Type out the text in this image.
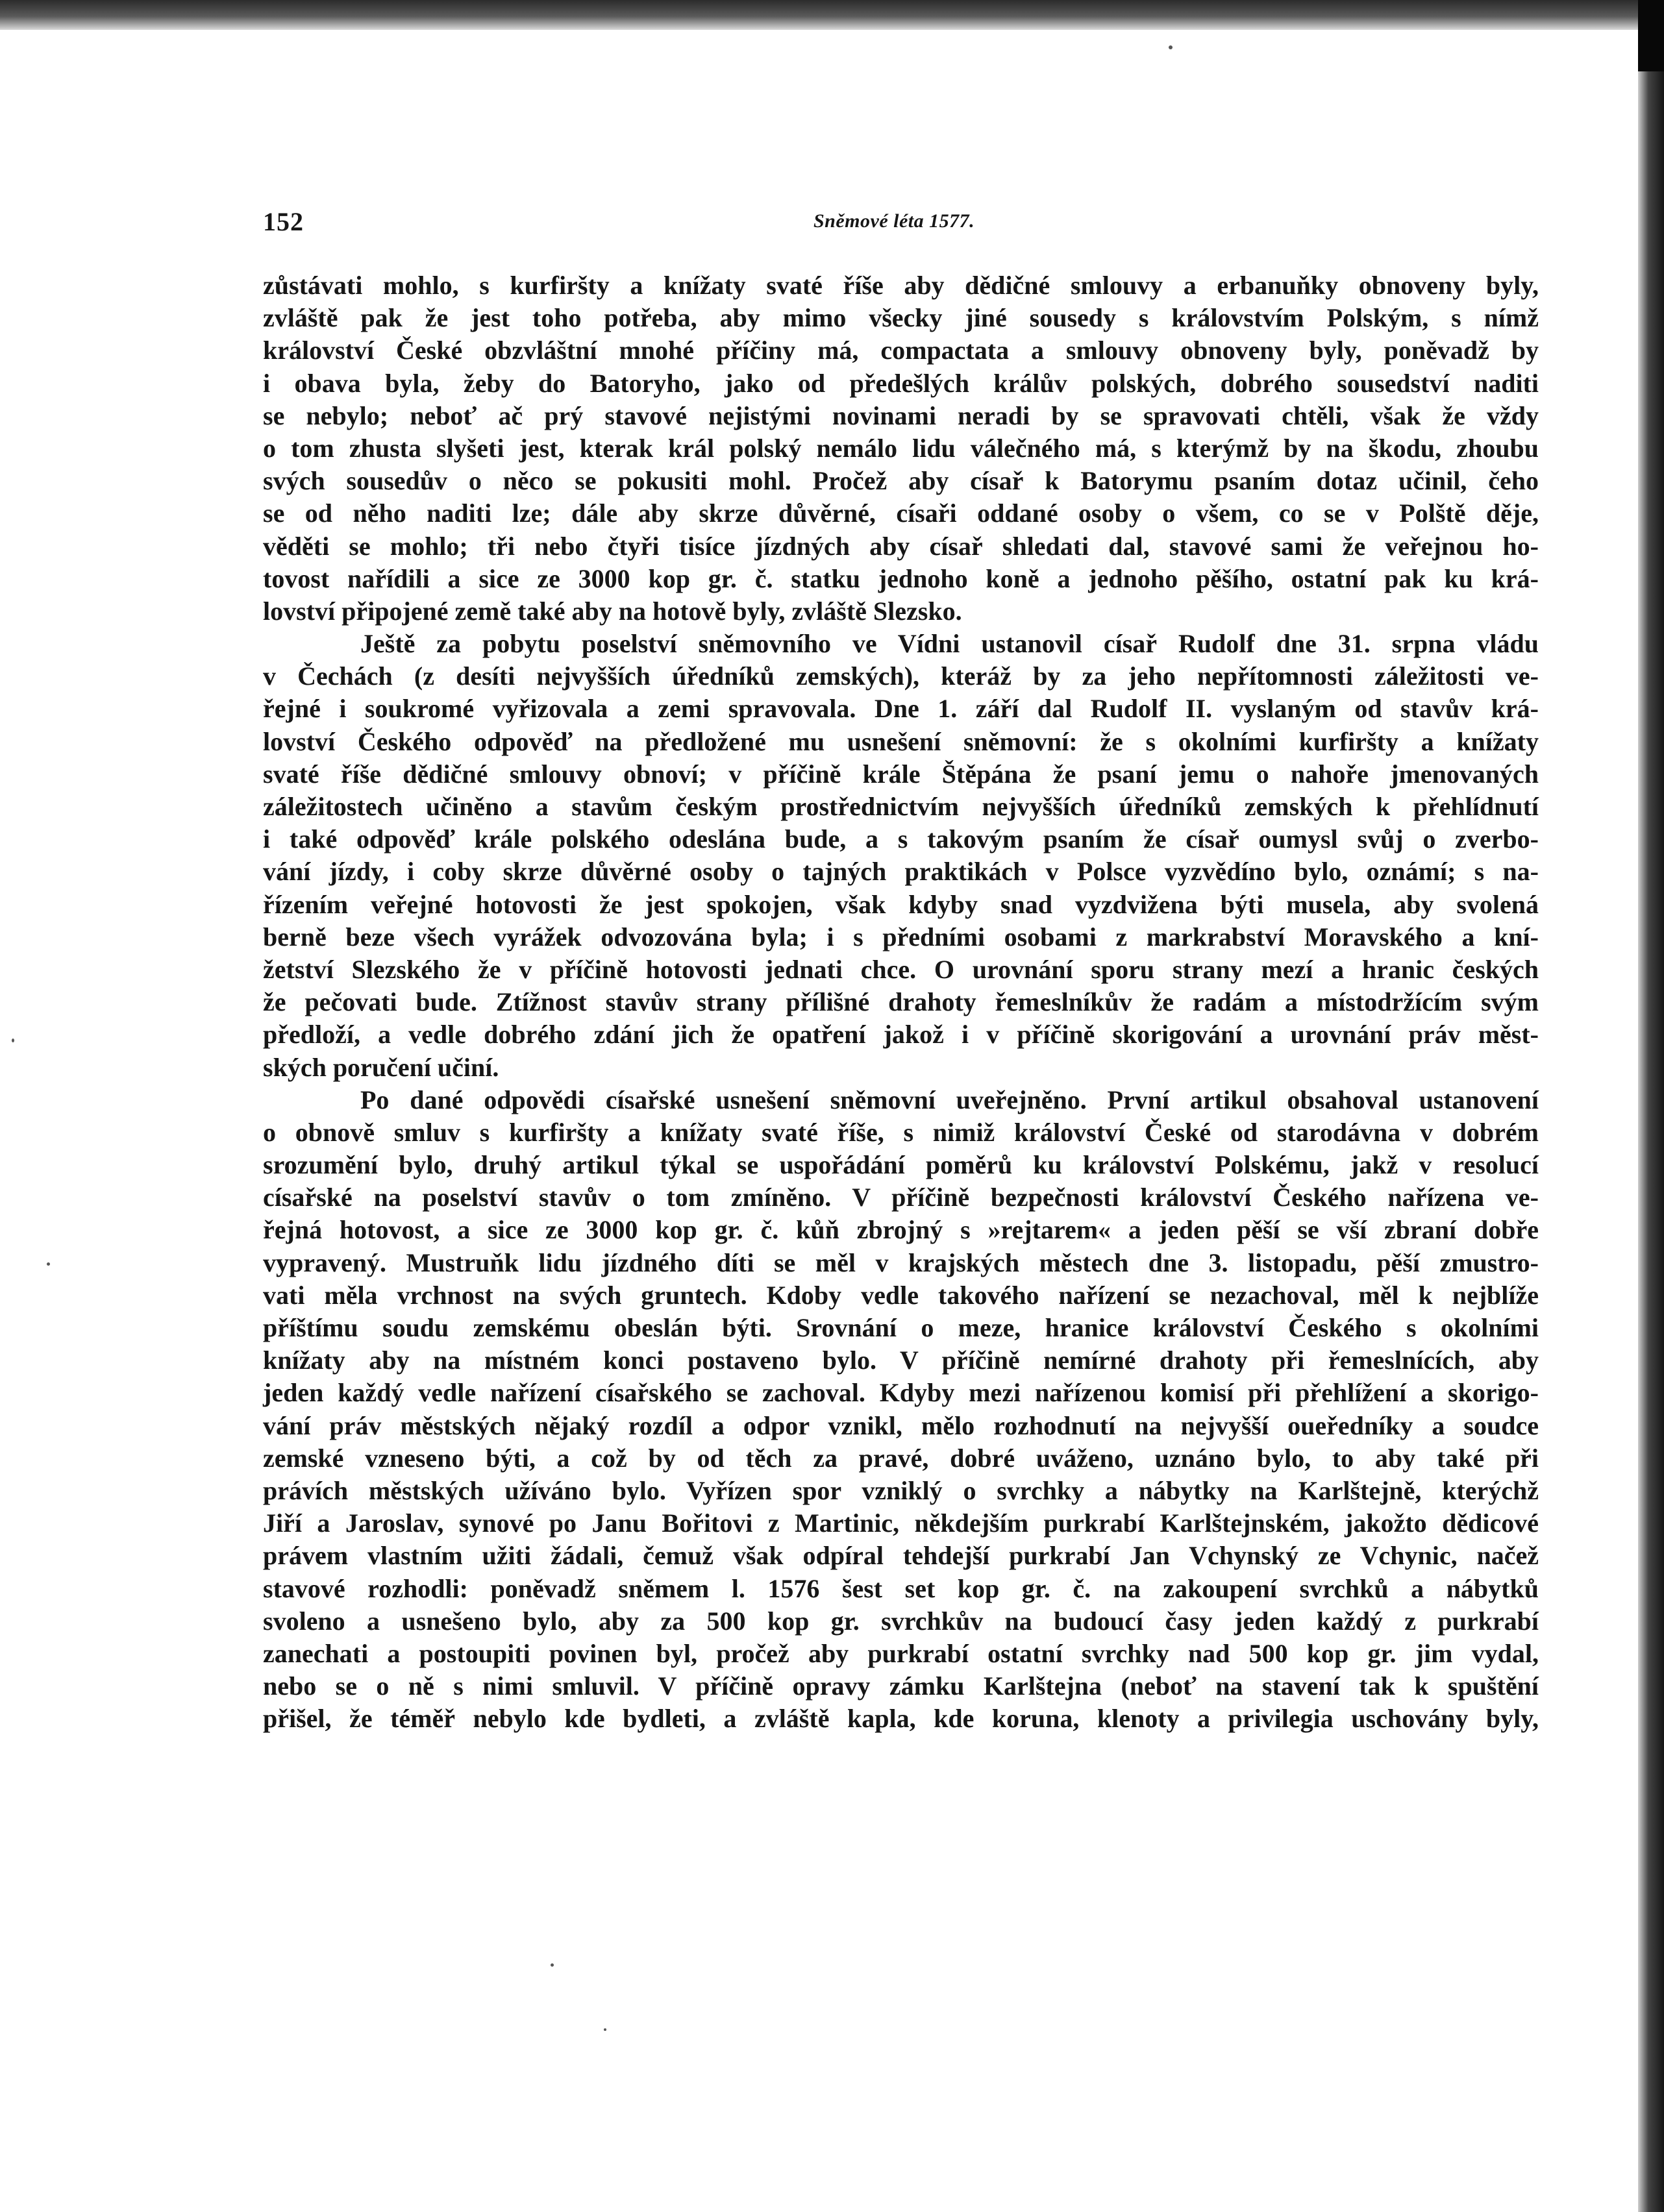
152	Sněmové léta 1577.
zůstávati mohlo, s kurfiršty a knížaty svaté říše aby dědičné smlouvy a erbanuňky obnoveny byly,
zvláště pak že jest toho potřeba, aby mimo všecky jiné sousedy s královstvím Polským, s nímž
království České obzvláštní mnohé příčiny má, compactata a smlouvy obnoveny byly, poněvadž by
i obava byla, žeby do Batoryho, jako od předešlých králův polských, dobrého sousedství naditi
se nebylo; neboť ač prý stavové nejistými novinami neradi by se spravovati chtěli, však že vždy
o tom zhusta slyšeti jest, kterak král polský nemálo lidu válečného má, s kterýmž by na škodu, zhoubu
svých sousedův o něco se pokusiti mohl. Pročež aby císař k Batorymu psaním dotaz učinil, čeho
se od něho naditi lze; dále aby skrze důvěrné, císaři oddané osoby o všem, co se v Polště děje,
věděti se mohlo; tři nebo čtyři tisíce jízdných aby císař shledati dal, stavové sami že veřejnou ho-
tovost nařídili a sice ze 3000 kop gr. č. statku jednoho koně a jednoho pěšího, ostatní pak ku krá-
lovství připojené země také aby na hotově byly, zvláště Slezsko.
Ještě za pobytu poselství sněmovního ve Vídni ustanovil císař Rudolf dne 31. srpna vládu
v Čechách (z desíti nejvyšších úředníků zemských), kteráž by za jeho nepřítomnosti záležitosti ve-
řejné i soukromé vyřizovala a zemi spravovala. Dne 1. září dal Rudolf II. vyslaným od stavův krá-
lovství Českého odpověď na předložené mu usnešení sněmovní: že s okolními kurfiršty a knížaty
svaté říše dědičné smlouvy obnoví; v příčině krále Štěpána že psaní jemu o nahoře jmenovaných
záležitostech učiněno a stavům českým prostřednictvím nejvyšších úředníků zemských k přehlídnutí
i také odpověď krále polského odeslána bude, a s takovým psaním že císař oumysl svůj o zverbo-
vání jízdy, i coby skrze důvěrné osoby o tajných praktikách v Polsce vyzvědíno bylo, oznámí; s na-
řízením veřejné hotovosti že jest spokojen, však kdyby snad vyzdvižena býti musela, aby svolená
berně beze všech vyrážek odvozována byla; i s předními osobami z markrabství Moravského a kní-
žetství Slezského že v příčině hotovosti jednati chce. O urovnání sporu strany mezí a hranic českých
že pečovati bude. Ztížnost stavův strany přílišné drahoty řemeslníkův že radám a místodržícím svým
předloží, a vedle dobrého zdání jich že opatření jakož i v příčině skorigování a urovnání práv měst-
ských poručení učiní.
Po dané odpovědi císařské usnešení sněmovní uveřejněno. První artikul obsahoval ustanovení
o obnově smluv s kurfiršty a knížaty svaté říše, s nimiž království České od starodávna v dobrém
srozumění bylo, druhý artikul týkal se uspořádání poměrů ku království Polskému, jakž v resolucí
císařské na poselství stavův o tom zmíněno. V příčině bezpečnosti království Českého nařízena ve-
řejná hotovost, a sice ze 3000 kop gr. č. kůň zbrojný s »rejtarem« a jeden pěší se vší zbraní dobře
vypravený. Mustruňk lidu jízdného díti se měl v krajských městech dne 3. listopadu, pěší zmustro-
vati měla vrchnost na svých gruntech. Kdoby vedle takového nařízení se nezachoval, měl k nejblíže
příštímu soudu zemskému obeslán býti. Srovnání o meze, hranice království Českého s okolními
knížaty aby na místném konci postaveno bylo. V příčině nemírné drahoty při řemeslnících, aby
jeden každý vedle nařízení císařského se zachoval. Kdyby mezi nařízenou komisí při přehlížení a skorigo-
vání práv městských nějaký rozdíl a odpor vznikl, mělo rozhodnutí na nejvyšší oueředníky a soudce
zemské vzneseno býti, a což by od těch za pravé, dobré uváženo, uznáno bylo, to aby také při
právích městských užíváno bylo. Vyřízen spor vzniklý o svrchky a nábytky na Karlštejně, kterýchž
Jiří a Jaroslav, synové po Janu Bořitovi z Martinic, někdejším purkrabí Karlštejnském, jakožto dědicové
právem vlastním užiti žádali, čemuž však odpíral tehdejší purkrabí Jan Vchynský ze Vchynic, načež
stavové rozhodli: poněvadž sněmem l. 1576 šest set kop gr. č. na zakoupení svrchků a nábytků
svoleno a usnešeno bylo, aby za 500 kop gr. svrchkův na budoucí časy jeden každý z purkrabí
zanechati a postoupiti povinen byl, pročež aby purkrabí ostatní svrchky nad 500 kop gr. jim vydal,
nebo se o ně s nimi smluvil. V příčině opravy zámku Karlštejna (neboť na stavení tak k spuštění
přišel, že téměř nebylo kde bydleti, a zvláště kapla, kde koruna, klenoty a privilegia uschovány byly,
